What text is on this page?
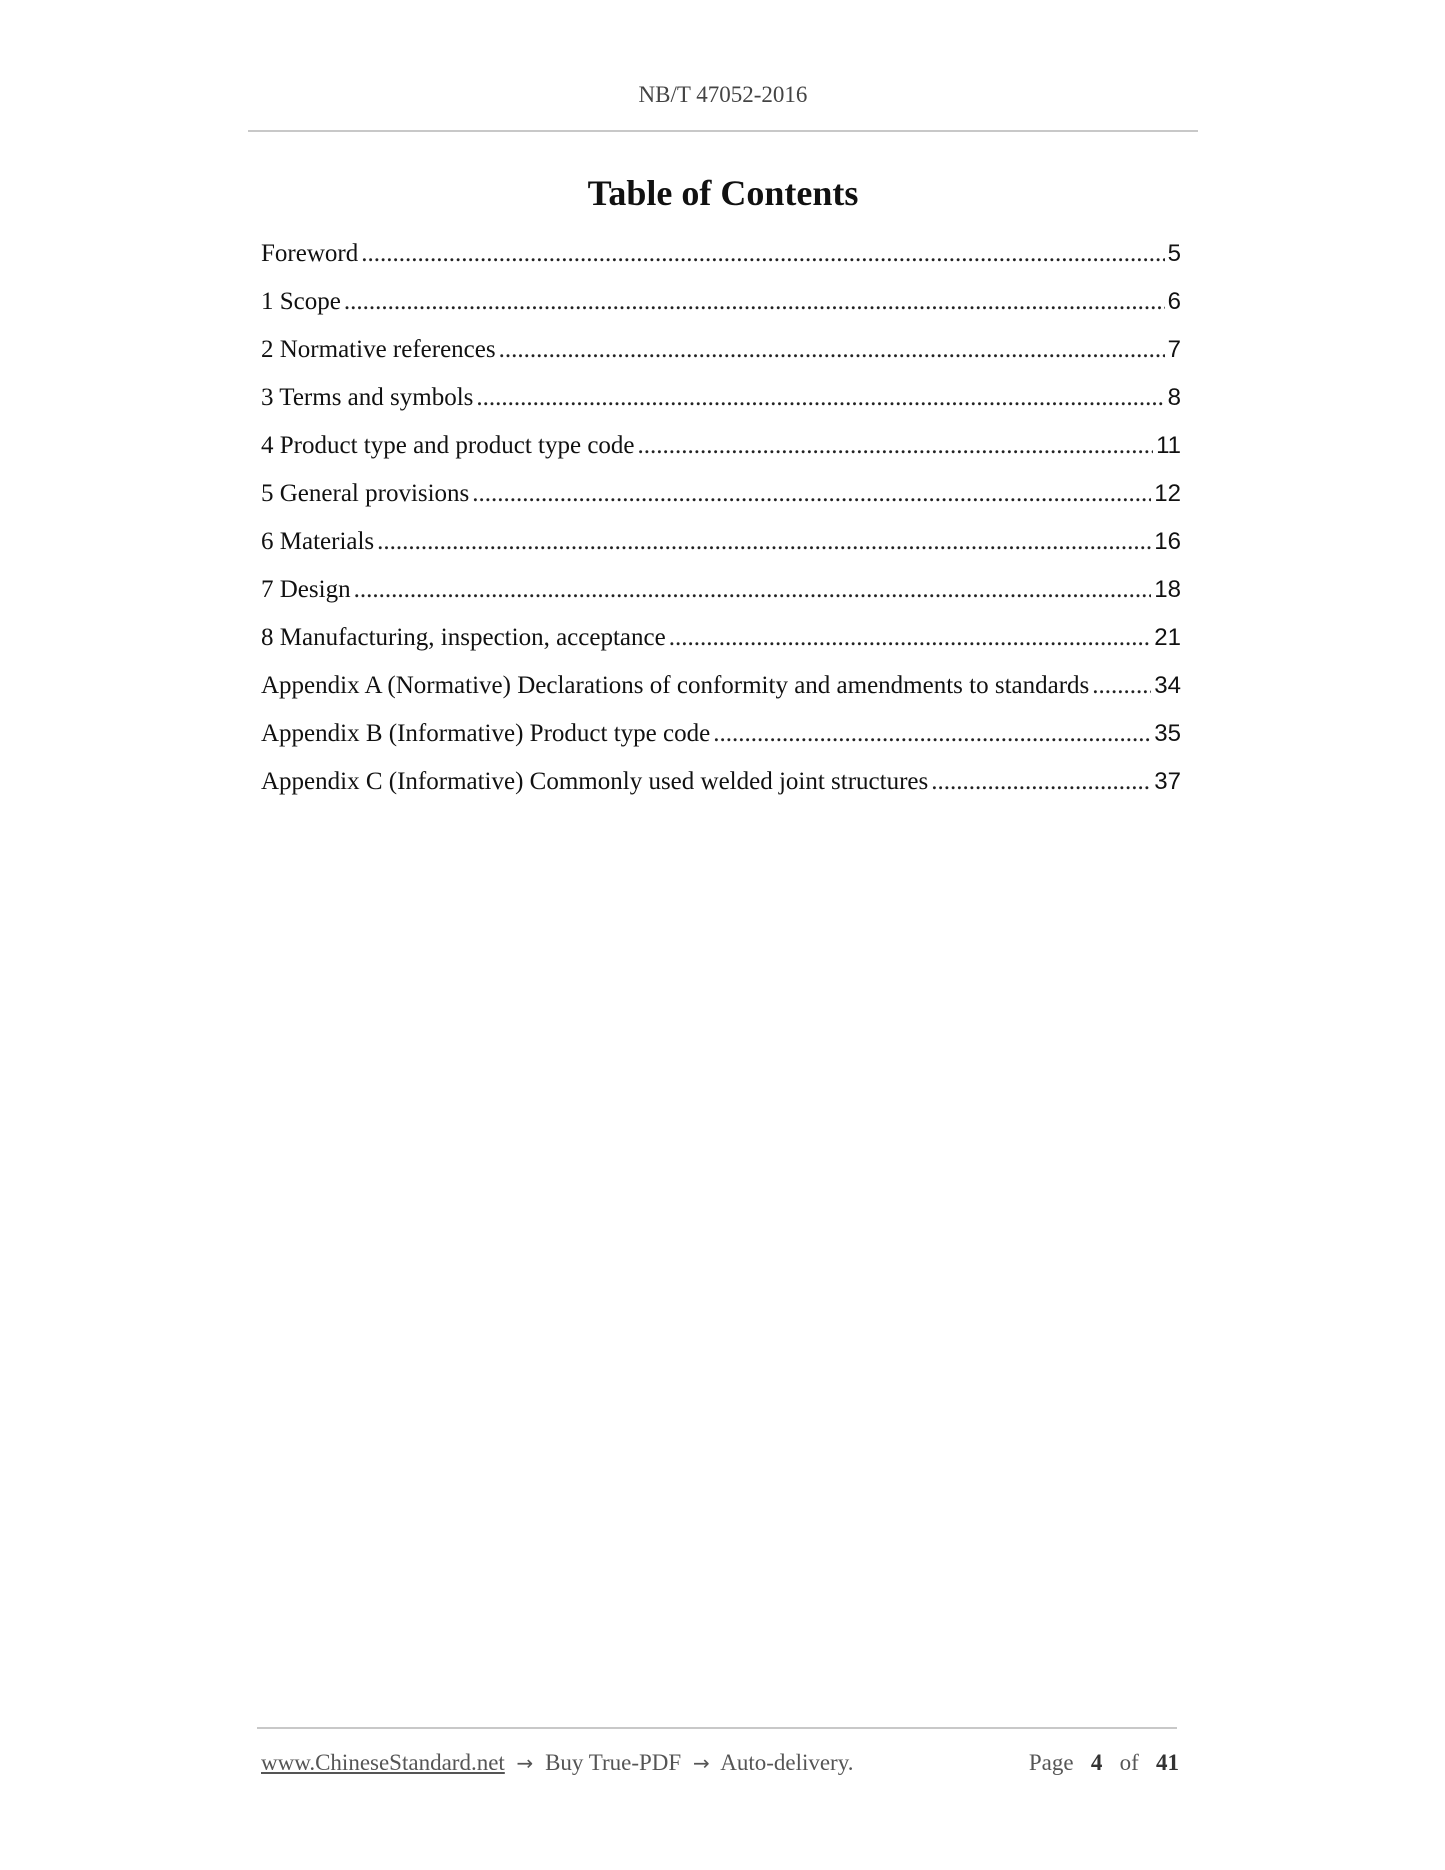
NB/T 47052-2016
Table of Contents
Foreword .....	5
1 Scope .....	6
2 Normative references .....	7
3 Terms and symbols .....	8
4 Product type and product type code .....	11
5 General provisions .....	12
6 Materials .....	16
7 Design .....	18
8 Manufacturing, inspection, acceptance .....	21
Appendix A (Normative) Declarations of conformity and amendments to standards .....	34
Appendix B (Informative) Product type code .....	35
Appendix C (Informative) Commonly used welded joint structures .....	37
www.ChineseStandard.net → Buy True-PDF → Auto-delivery.	Page 4 of 41
